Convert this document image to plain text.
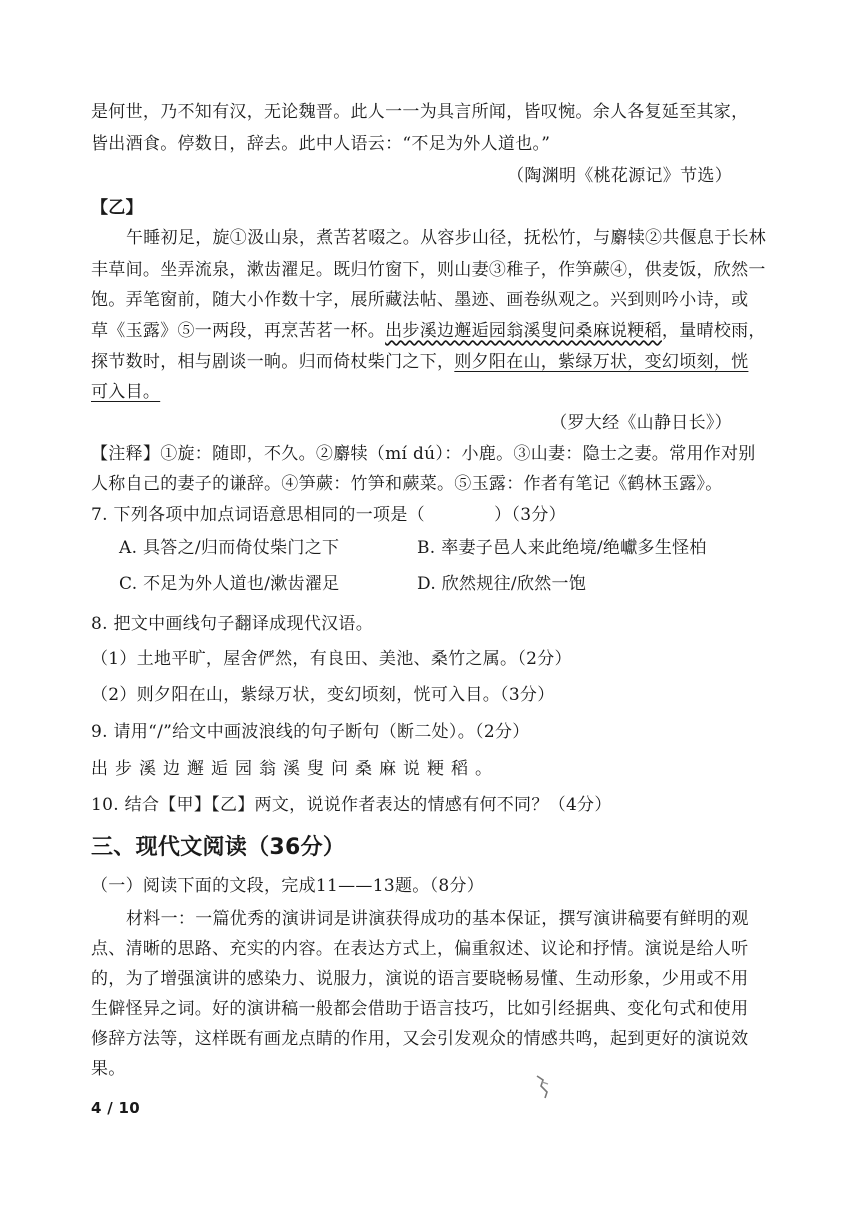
是何世，乃不知有汉，无论魏晋。此人一一为具言所闻，皆叹惋。余人各复延至其家，
皆出酒食。停数日，辞去。此中人语云：“不足为外人道也。”
（陶渊明《桃花源记》节选）
【乙】
午睡初足，旋①汲山泉，煮苦茗啜之。从容步山径，抚松竹，与麝犊②共偃息于长林
丰草间。坐弄流泉，漱齿濯足。既归竹窗下，则山妻③稚子，作笋蕨④，供麦饭，欣然一
饱。弄笔窗前，随大小作数十字，展所藏法帖、墨迹、画卷纵观之。兴到则吟小诗，或
草《玉露》⑤一两段，再烹苦茗一杯。出步溪边邂逅园翁溪叟问桑麻说粳稻，量晴校雨，
探节数时，相与剧谈一晌。归而倚杖柴门之下，则夕阳在山，紫绿万状，变幻顷刻，恍
可入目。
（罗大经《山静日长》）
【注释】①旋：随即，不久。②麝犊（mí dú）：小鹿。③山妻：隐士之妻。常用作对别
人称自己的妻子的谦辞。④笋蕨：竹笋和蕨菜。⑤玉露：作者有笔记《鹤林玉露》。
7. 下列各项中加点词语意思相同的一项是（　　　　）（3分）
A. 具答之/归而倚仗柴门之下	B. 率妻子邑人来此绝境/绝巘多生怪柏
C. 不足为外人道也/漱齿濯足	D. 欣然规往/欣然一饱
8. 把文中画线句子翻译成现代汉语。
（1）土地平旷，屋舍俨然，有良田、美池、桑竹之属。（2分）
（2）则夕阳在山，紫绿万状，变幻顷刻，恍可入目。（3分）
9. 请用“/”给文中画波浪线的句子断句（断二处）。（2分）
出步溪边邂逅园翁溪叟问桑麻说粳稻。
10. 结合【甲】【乙】两文，说说作者表达的情感有何不同？（4分）
三、现代文阅读（36分）
（一）阅读下面的文段，完成11——13题。（8分）
材料一：一篇优秀的演讲词是讲演获得成功的基本保证，撰写演讲稿要有鲜明的观
点、清晰的思路、充实的内容。在表达方式上，偏重叙述、议论和抒情。演说是给人听
的，为了增强演讲的感染力、说服力，演说的语言要晓畅易懂、生动形象，少用或不用
生僻怪异之词。好的演讲稿一般都会借助于语言技巧，比如引经据典、变化句式和使用
修辞方法等，这样既有画龙点睛的作用，又会引发观众的情感共鸣，起到更好的演说效
果。
4 / 10
